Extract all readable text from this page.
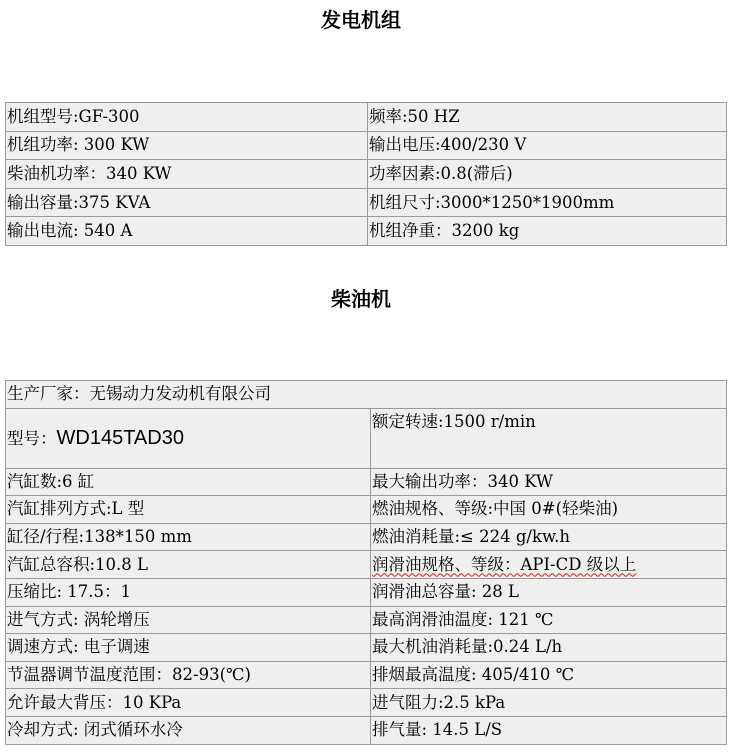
发电机组
机组型号:GF-300	频率:50 HZ
机组功率: 300 KW	输出电压:400/230 V
柴油机功率：340 KW	功率因素:0.8(滞后)
输出容量:375 KVA	机组尺寸:3000*1250*1900mm
输出电流: 540 A	机组净重：3200 kg
柴油机
生产厂家：无锡动力发动机有限公司	
型号：WD145TAD30	额定转速:1500 r/min
汽缸数:6 缸	最大输出功率：340 KW
汽缸排列方式:L 型	燃油规格、等级:中国 0#(轻柴油)
缸径/行程:138*150 mm	燃油消耗量:≤ 224 g/kw.h
汽缸总容积:10.8 L	润滑油规格、等级：API-CD 级以上
压缩比: 17.5：1	润滑油总容量: 28 L
进气方式: 涡轮增压	最高润滑油温度: 121 ℃
调速方式: 电子调速	最大机油消耗量:0.24 L/h
节温器调节温度范围：82-93(℃)	排烟最高温度: 405/410 ℃
允许最大背压：10 KPa	进气阻力:2.5 kPa
冷却方式: 闭式循环水冷	排气量: 14.5 L/S
